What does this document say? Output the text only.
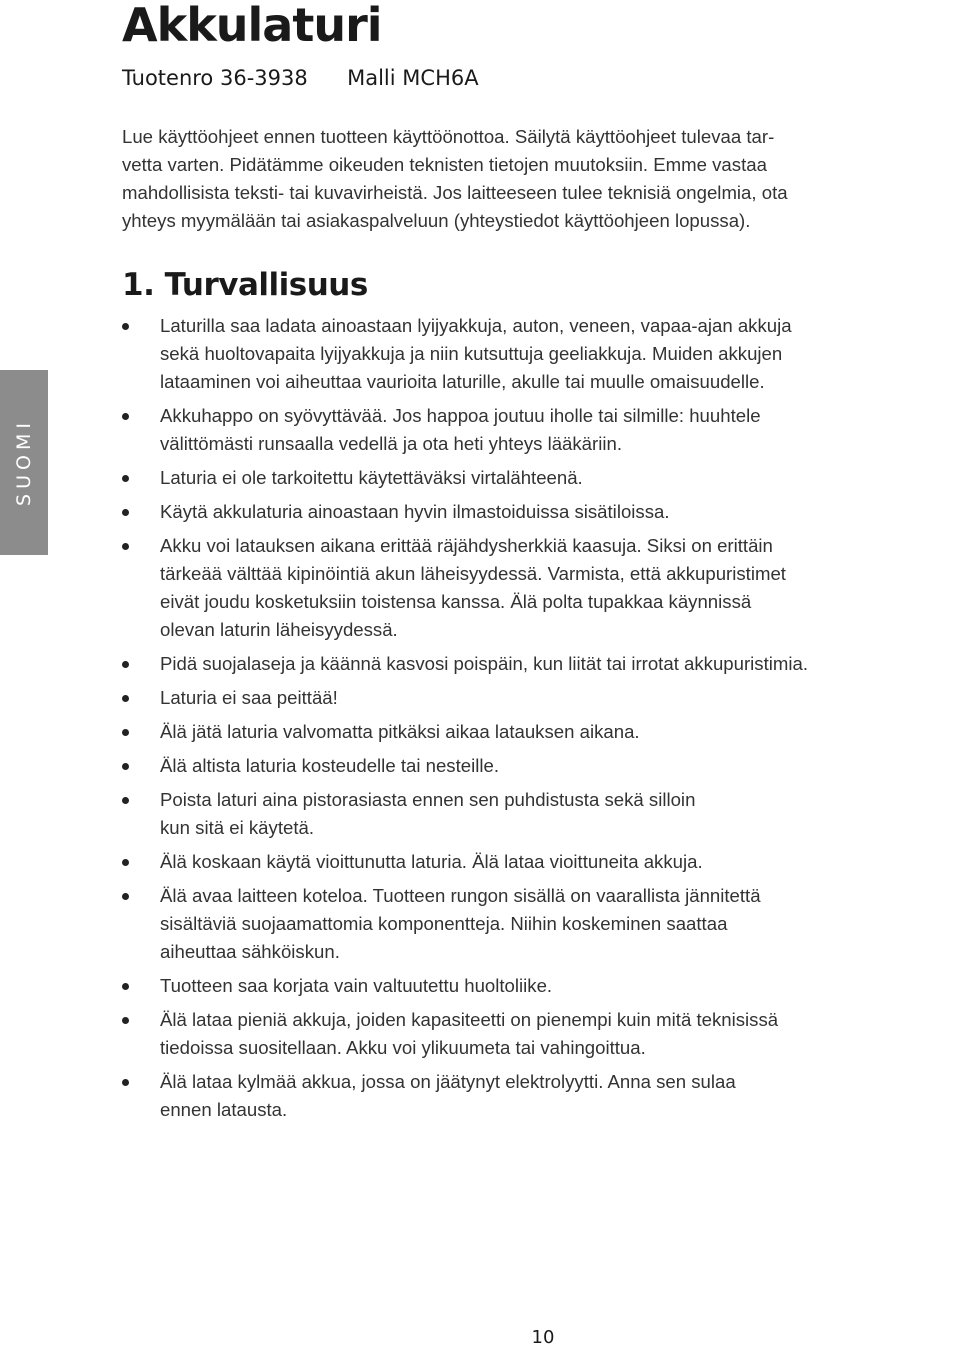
Akkulaturi
Tuotenro 36-3938 Malli MCH6A
Lue käyttöohjeet ennen tuotteen käyttöönottoa. Säilytä käyttöohjeet tulevaa tar-
vetta varten. Pidätämme oikeuden teknisten tietojen muutoksiin. Emme vastaa
mahdollisista teksti- tai kuvavirheistä. Jos laitteeseen tulee teknisiä ongelmia, ota
yhteys myymälään tai asiakaspalveluun (yhteystiedot käyttöohjeen lopussa).
SUOMI
1. Turvallisuus
Laturilla saa ladata ainoastaan lyijyakkuja, auton, veneen, vapaa-ajan akkuja
sekä huoltovapaita lyijyakkuja ja niin kutsuttuja geeliakkuja. Muiden akkujen
lataaminen voi aiheuttaa vaurioita laturille, akulle tai muulle omaisuudelle.
Akkuhappo on syövyttävää. Jos happoa joutuu iholle tai silmille: huuhtele
välittömästi runsaalla vedellä ja ota heti yhteys lääkäriin.
Laturia ei ole tarkoitettu käytettäväksi virtalähteenä.
Käytä akkulaturia ainoastaan hyvin ilmastoiduissa sisätiloissa.
Akku voi latauksen aikana erittää räjähdysherkkiä kaasuja. Siksi on erittäin
tärkeää välttää kipinöintiä akun läheisyydessä. Varmista, että akkupuristimet
eivät joudu kosketuksiin toistensa kanssa. Älä polta tupakkaa käynnissä
olevan laturin läheisyydessä.
Pidä suojalaseja ja käännä kasvosi poispäin, kun liität tai irrotat akkupuristimia.
Laturia ei saa peittää!
Älä jätä laturia valvomatta pitkäksi aikaa latauksen aikana.
Älä altista laturia kosteudelle tai nesteille.
Poista laturi aina pistorasiasta ennen sen puhdistusta sekä silloin
kun sitä ei käytetä.
Älä koskaan käytä vioittunutta laturia. Älä lataa vioittuneita akkuja.
Älä avaa laitteen koteloa. Tuotteen rungon sisällä on vaarallista jännitettä
sisältäviä suojaamattomia komponentteja. Niihin koskeminen saattaa
aiheuttaa sähköiskun.
Tuotteen saa korjata vain valtuutettu huoltoliike.
Älä lataa pieniä akkuja, joiden kapasiteetti on pienempi kuin mitä teknisissä
tiedoissa suositellaan. Akku voi ylikuumeta tai vahingoittua.
Älä lataa kylmää akkua, jossa on jäätynyt elektrolyytti. Anna sen sulaa
ennen latausta.
10
